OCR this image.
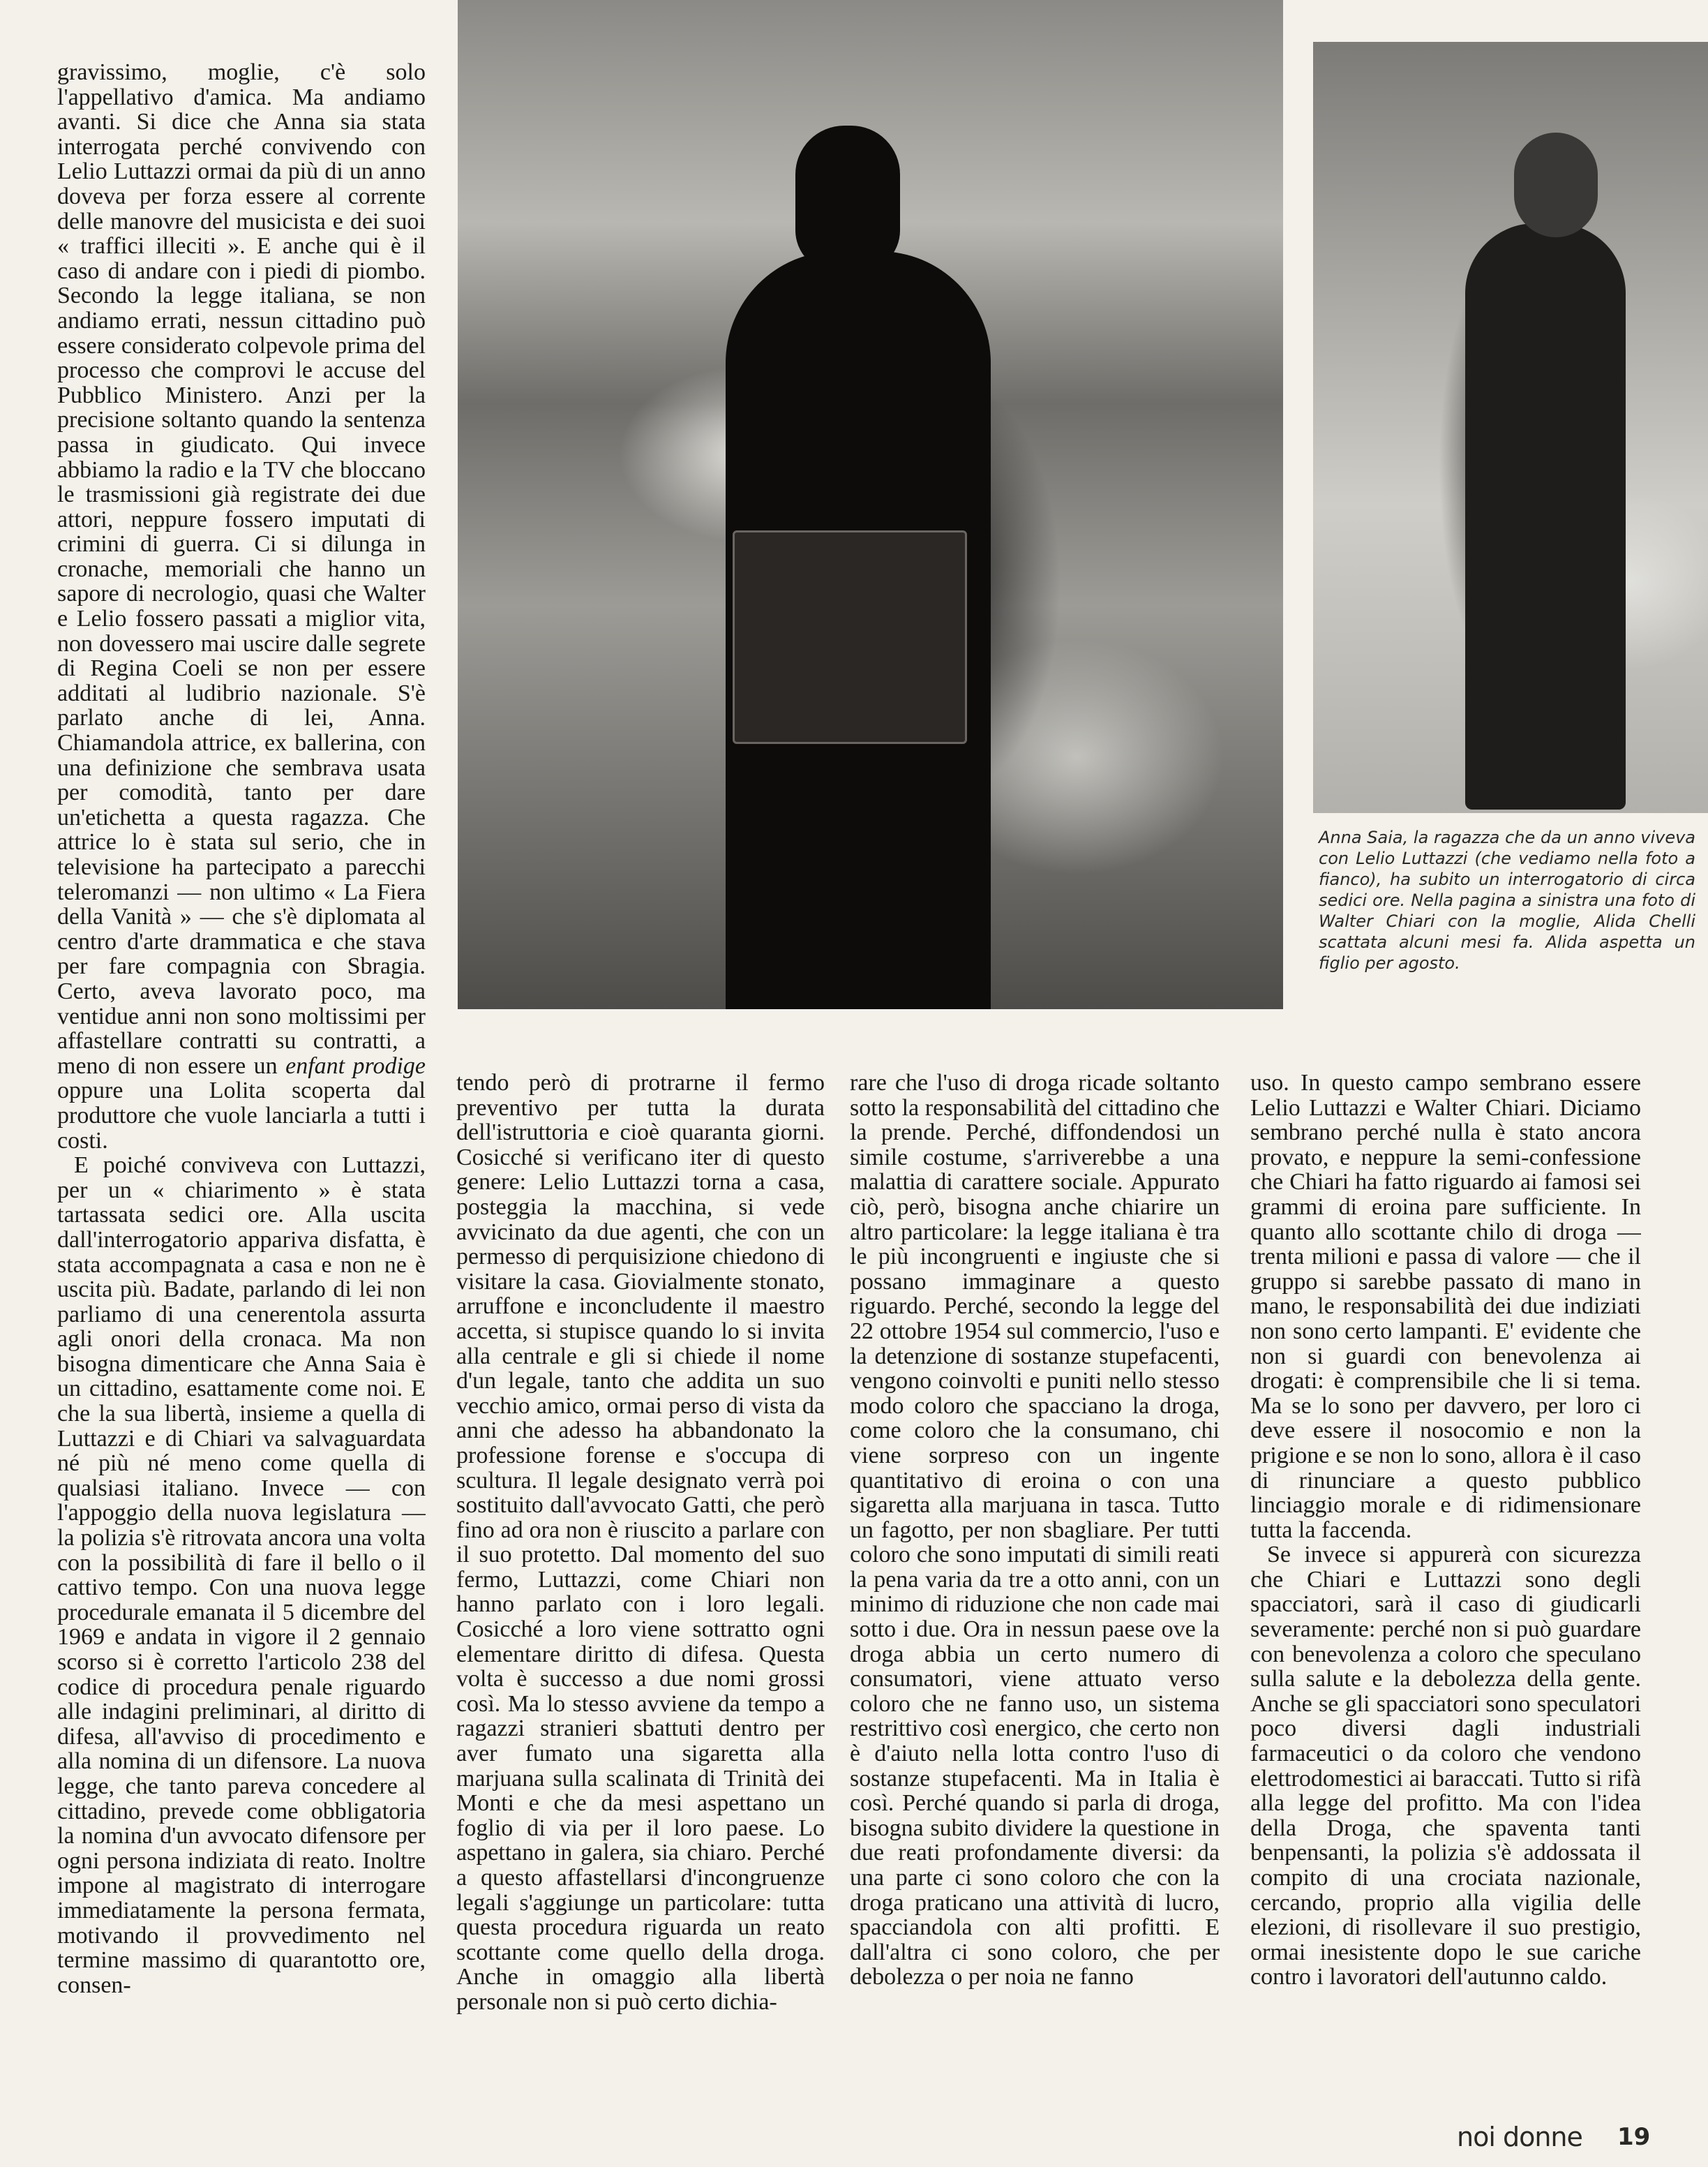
gravissimo, moglie, c'è solo l'appellativo d'amica. Ma andiamo avanti. Si dice che Anna sia stata interrogata perché convivendo con Lelio Luttazzi ormai da più di un anno doveva per forza essere al corrente delle manovre del musicista e dei suoi « traffici illeciti ». E anche qui è il caso di andare con i piedi di piombo. Secondo la legge italiana, se non andiamo errati, nessun cittadino può essere considerato colpevole prima del processo che comprovi le accuse del Pubblico Ministero. Anzi per la precisione soltanto quando la sentenza passa in giudicato. Qui invece abbiamo la radio e la TV che bloccano le trasmissioni già registrate dei due attori, neppure fossero imputati di crimini di guerra. Ci si dilunga in cronache, memoriali che hanno un sapore di necrologio, quasi che Walter e Lelio fossero passati a miglior vita, non dovessero mai uscire dalle segrete di Regina Coeli se non per essere additati al ludibrio nazionale. S'è parlato anche di lei, Anna. Chiamandola attrice, ex ballerina, con una definizione che sembrava usata per comodità, tanto per dare un'etichetta a questa ragazza. Che attrice lo è stata sul serio, che in televisione ha partecipato a parecchi teleromanzi — non ultimo « La Fiera della Vanità » — che s'è diplomata al centro d'arte drammatica e che stava per fare compagnia con Sbragia. Certo, aveva lavorato poco, ma ventidue anni non sono moltissimi per affastellare contratti su contratti, a meno di non essere un enfant prodige oppure una Lolita scoperta dal produttore che vuole lanciarla a tutti i costi.

E poiché conviveva con Luttazzi, per un « chiarimento » è stata tartassata sedici ore. Alla uscita dall'interrogatorio appariva disfatta, è stata accompagnata a casa e non ne è uscita più. Badate, parlando di lei non parliamo di una cenerentola assurta agli onori della cronaca. Ma non bisogna dimenticare che Anna Saia è un cittadino, esattamente come noi. E che la sua libertà, insieme a quella di Luttazzi e di Chiari va salvaguardata né più né meno come quella di qualsiasi italiano. Invece — con l'appoggio della nuova legislatura — la polizia s'è ritrovata ancora una volta con la possibilità di fare il bello o il cattivo tempo. Con una nuova legge procedurale emanata il 5 dicembre del 1969 e andata in vigore il 2 gennaio scorso si è corretto l'articolo 238 del codice di procedura penale riguardo alle indagini preliminari, al diritto di difesa, all'avviso di procedimento e alla nomina di un difensore. La nuova legge, che tanto pareva concedere al cittadino, prevede come obbligatoria la nomina d'un avvocato difensore per ogni persona indiziata di reato. Inoltre impone al magistrato di interrogare immediatamente la persona fermata, motivando il provvedimento nel termine massimo di quarantotto ore, consen-

Anna Saia, la ragazza che da un anno viveva con Lelio Luttazzi (che vediamo nella foto a fianco), ha subito un interrogatorio di circa sedici ore. Nella pagina a sinistra una foto di Walter Chiari con la moglie, Alida Chelli scattata alcuni mesi fa. Alida aspetta un figlio per agosto.

tendo però di protrarne il fermo preventivo per tutta la durata dell'istruttoria e cioè quaranta giorni. Cosicché si verificano iter di questo genere: Lelio Luttazzi torna a casa, posteggia la macchina, si vede avvicinato da due agenti, che con un permesso di perquisizione chiedono di visitare la casa. Giovialmente stonato, arruffone e inconcludente il maestro accetta, si stupisce quando lo si invita alla centrale e gli si chiede il nome d'un legale, tanto che addita un suo vecchio amico, ormai perso di vista da anni che adesso ha abbandonato la professione forense e s'occupa di scultura. Il legale designato verrà poi sostituito dall'avvocato Gatti, che però fino ad ora non è riuscito a parlare con il suo protetto. Dal momento del suo fermo, Luttazzi, come Chiari non hanno parlato con i loro legali. Cosicché a loro viene sottratto ogni elementare diritto di difesa. Questa volta è successo a due nomi grossi così. Ma lo stesso avviene da tempo a ragazzi stranieri sbattuti dentro per aver fumato una sigaretta alla marjuana sulla scalinata di Trinità dei Monti e che da mesi aspettano un foglio di via per il loro paese. Lo aspettano in galera, sia chiaro. Perché a questo affastellarsi d'incongruenze legali s'aggiunge un particolare: tutta questa procedura riguarda un reato scottante come quello della droga. Anche in omaggio alla libertà personale non si può certo dichia-

rare che l'uso di droga ricade soltanto sotto la responsabilità del cittadino che la prende. Perché, diffondendosi un simile costume, s'arriverebbe a una malattia di carattere sociale. Appurato ciò, però, bisogna anche chiarire un altro particolare: la legge italiana è tra le più incongruenti e ingiuste che si possano immaginare a questo riguardo. Perché, secondo la legge del 22 ottobre 1954 sul commercio, l'uso e la detenzione di sostanze stupefacenti, vengono coinvolti e puniti nello stesso modo coloro che spacciano la droga, come coloro che la consumano, chi viene sorpreso con un ingente quantitativo di eroina o con una sigaretta alla marjuana in tasca. Tutto un fagotto, per non sbagliare. Per tutti coloro che sono imputati di simili reati la pena varia da tre a otto anni, con un minimo di riduzione che non cade mai sotto i due. Ora in nessun paese ove la droga abbia un certo numero di consumatori, viene attuato verso coloro che ne fanno uso, un sistema restrittivo così energico, che certo non è d'aiuto nella lotta contro l'uso di sostanze stupefacenti. Ma in Italia è così. Perché quando si parla di droga, bisogna subito dividere la questione in due reati profondamente diversi: da una parte ci sono coloro che con la droga praticano una attività di lucro, spacciandola con alti profitti. E dall'altra ci sono coloro, che per debolezza o per noia ne fanno

uso. In questo campo sembrano essere Lelio Luttazzi e Walter Chiari. Diciamo sembrano perché nulla è stato ancora provato, e neppure la semi-confessione che Chiari ha fatto riguardo ai famosi sei grammi di eroina pare sufficiente. In quanto allo scottante chilo di droga — trenta milioni e passa di valore — che il gruppo si sarebbe passato di mano in mano, le responsabilità dei due indiziati non sono certo lampanti. E' evidente che non si guardi con benevolenza ai drogati: è comprensibile che li si tema. Ma se lo sono per davvero, per loro ci deve essere il nosocomio e non la prigione e se non lo sono, allora è il caso di rinunciare a questo pubblico linciaggio morale e di ridimensionare tutta la faccenda.

Se invece si appurerà con sicurezza che Chiari e Luttazzi sono degli spacciatori, sarà il caso di giudicarli severamente: perché non si può guardare con benevolenza a coloro che speculano sulla salute e la debolezza della gente. Anche se gli spacciatori sono speculatori poco diversi dagli industriali farmaceutici o da coloro che vendono elettrodomestici ai baraccati. Tutto si rifà alla legge del profitto. Ma con l'idea della Droga, che spaventa tanti benpensanti, la polizia s'è addossata il compito di una crociata nazionale, cercando, proprio alla vigilia delle elezioni, di risollevare il suo prestigio, ormai inesistente dopo le sue cariche contro i lavoratori dell'autunno caldo.

noi donne 19
